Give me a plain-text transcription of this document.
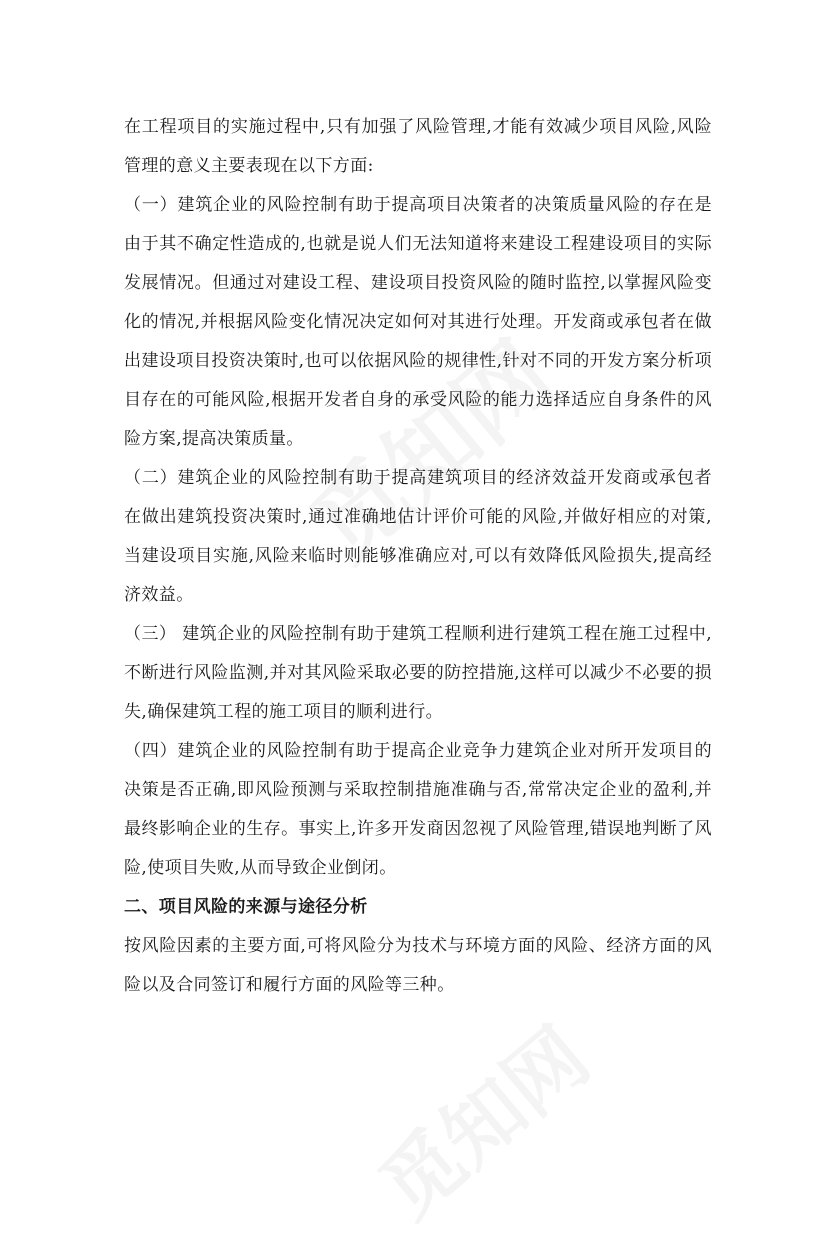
在工程项目的实施过程中,只有加强了风险管理,才能有效减少项目风险,风险管理的意义主要表现在以下方面:

（一）建筑企业的风险控制有助于提高项目决策者的决策质量风险的存在是由于其不确定性造成的,也就是说人们无法知道将来建设工程建设项目的实际发展情况。但通过对建设工程、建设项目投资风险的随时监控,以掌握风险变化的情况,并根据风险变化情况决定如何对其进行处理。开发商或承包者在做出建设项目投资决策时,也可以依据风险的规律性,针对不同的开发方案分析项目存在的可能风险,根据开发者自身的承受风险的能力选择适应自身条件的风险方案,提高决策质量。

（二）建筑企业的风险控制有助于提高建筑项目的经济效益开发商或承包者在做出建筑投资决策时,通过准确地估计评价可能的风险,并做好相应的对策,当建设项目实施,风险来临时则能够准确应对,可以有效降低风险损失,提高经济效益。

（三） 建筑企业的风险控制有助于建筑工程顺利进行建筑工程在施工过程中,不断进行风险监测,并对其风险采取必要的防控措施,这样可以减少不必要的损失,确保建筑工程的施工项目的顺利进行。

（四）建筑企业的风险控制有助于提高企业竞争力建筑企业对所开发项目的决策是否正确,即风险预测与采取控制措施准确与否,常常决定企业的盈利,并最终影响企业的生存。事实上,许多开发商因忽视了风险管理,错误地判断了风险,使项目失败,从而导致企业倒闭。

二、项目风险的来源与途径分析

按风险因素的主要方面,可将风险分为技术与环境方面的风险、经济方面的风险以及合同签订和履行方面的风险等三种。
